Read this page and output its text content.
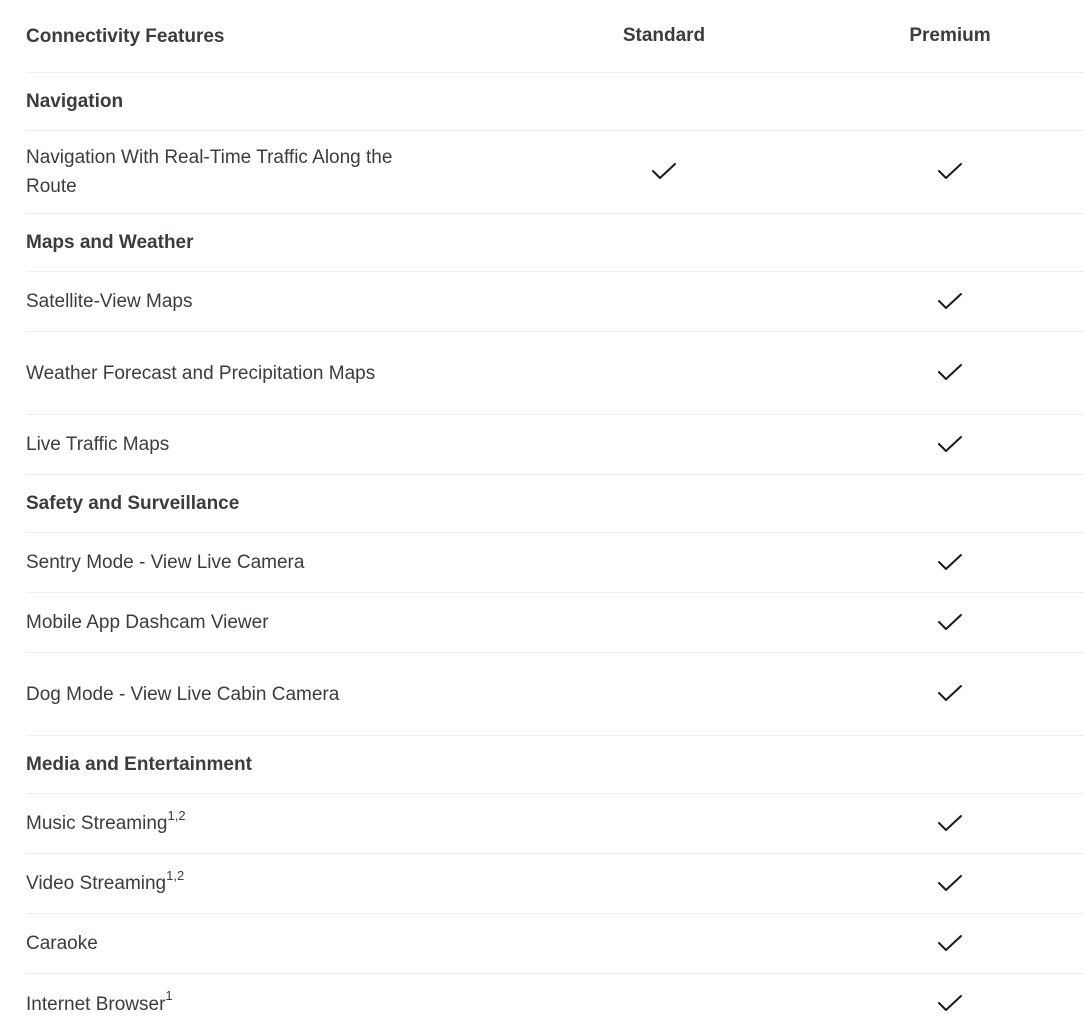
Connectivity Features	Standard	Premium
Navigation
Navigation With Real-Time Traffic Along the Route
Maps and Weather
Satellite-View Maps
Weather Forecast and Precipitation Maps
Live Traffic Maps
Safety and Surveillance
Sentry Mode - View Live Camera
Mobile App Dashcam Viewer
Dog Mode - View Live Cabin Camera
Media and Entertainment
Music Streaming$^{1,2}$
Video Streaming$^{1,2}$
Caraoke
Internet Browser$^1$
